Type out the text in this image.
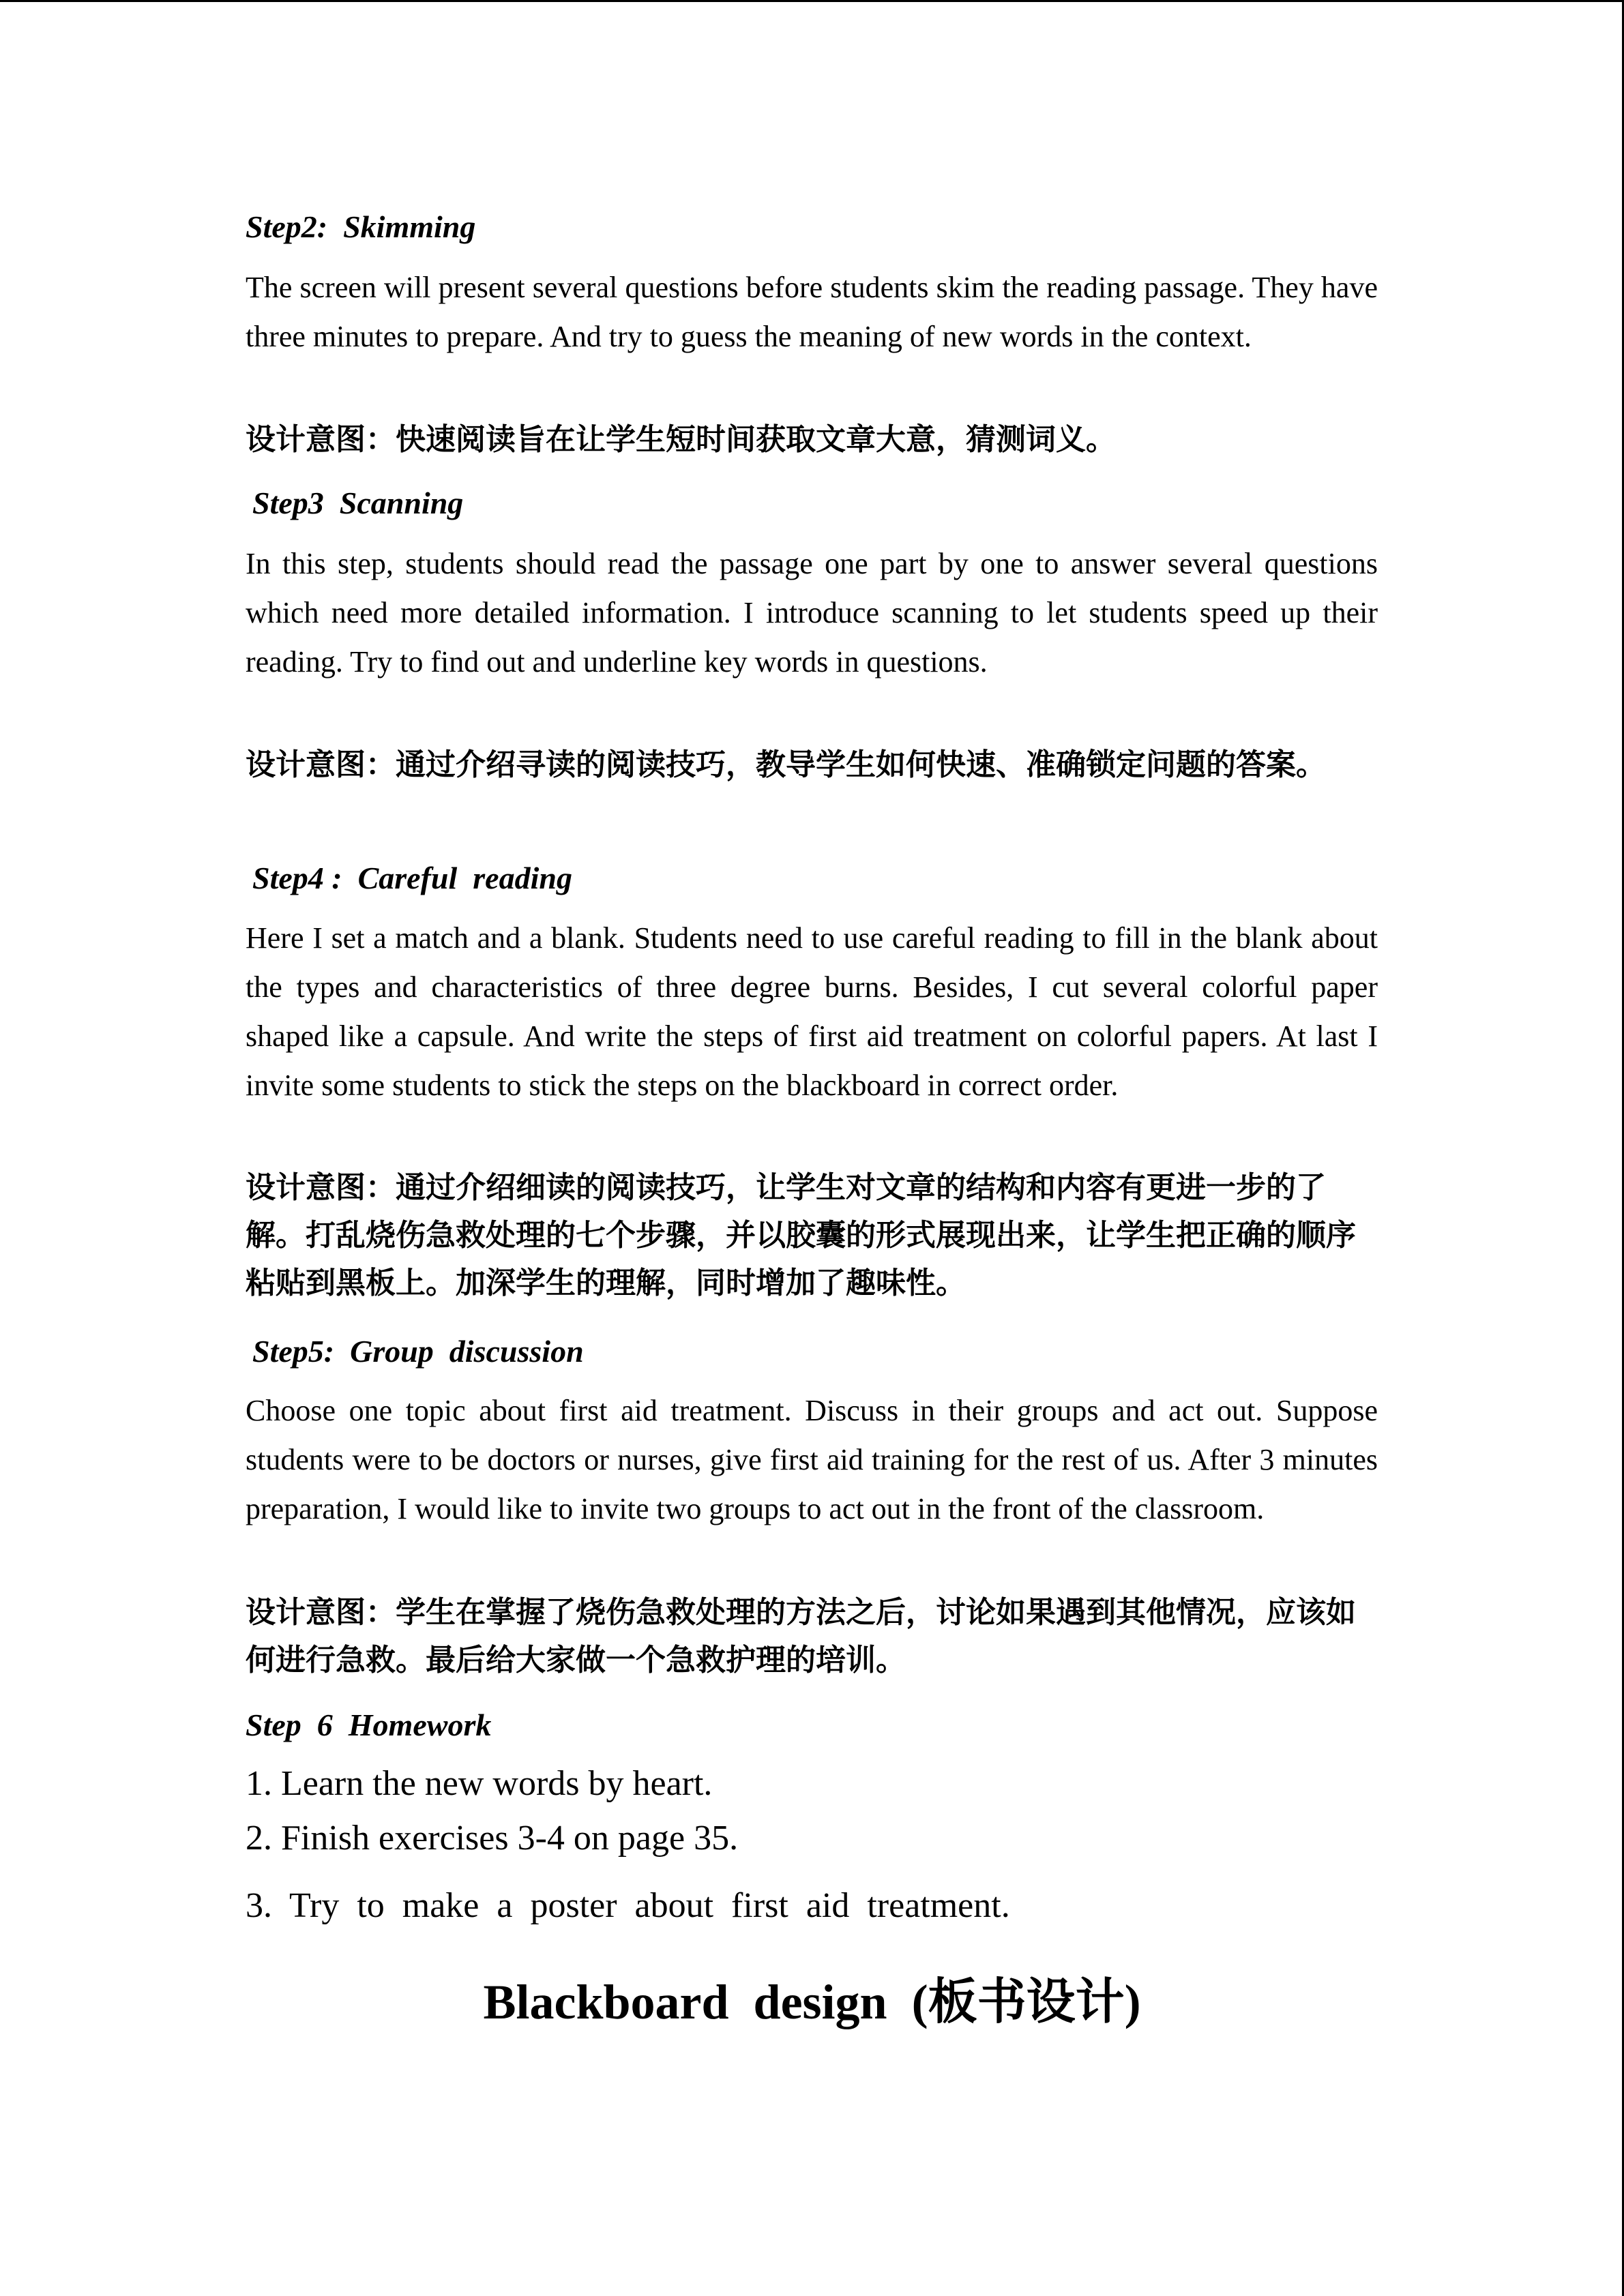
Step2:  Skimming
The screen will present several questions before students skim the reading passage. They have three minutes to prepare. And try to guess the meaning of new words in the context.
设计意图：快速阅读旨在让学生短时间获取文章大意，猜测词义。
Step3  Scanning
In this step, students should read the passage one part by one to answer several questions which need more detailed information. I introduce scanning to let students speed up their reading. Try to find out and underline key words in questions.
设计意图：通过介绍寻读的阅读技巧，教导学生如何快速、准确锁定问题的答案。
Step4 :  Careful  reading
Here I set a match and a blank. Students need to use careful reading to fill in the blank about the types and characteristics of three degree burns. Besides, I cut several colorful paper shaped like a capsule. And write the steps of first aid treatment on colorful papers. At last I invite some students to stick the steps on the blackboard in correct order.
设计意图：通过介绍细读的阅读技巧，让学生对文章的结构和内容有更进一步的了解。打乱烧伤急救处理的七个步骤，并以胶囊的形式展现出来，让学生把正确的顺序粘贴到黑板上。加深学生的理解，同时增加了趣味性。
Step5:  Group  discussion
Choose one topic about first aid treatment. Discuss in their groups and act out. Suppose students were to be doctors or nurses, give first aid training for the rest of us. After 3 minutes preparation, I would like to invite two groups to act out in the front of the classroom.
设计意图：学生在掌握了烧伤急救处理的方法之后，讨论如果遇到其他情况，应该如何进行急救。最后给大家做一个急救护理的培训。
Step  6  Homework
1. Learn the new words by heart.
2. Finish exercises 3-4 on page 35.
3.  Try  to  make  a  poster  about  first  aid  treatment.
Blackboard  design  (板书设计)
